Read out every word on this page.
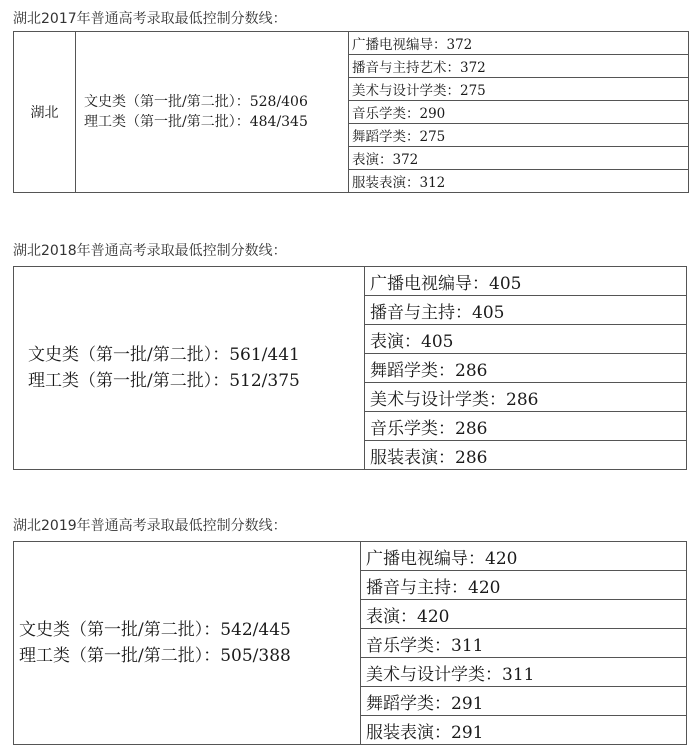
湖北2017年普通高考录取最低控制分数线：
湖北	
文史类（第一批/第二批）：528/406
理工类（第一批/第二批）：484/345
	广播电视编导：372
播音与主持艺术：372
美术与设计学类：275
音乐学类：290
舞蹈学类：275
表演：372
服装表演：312
湖北2018年普通高考录取最低控制分数线：
文史类（第一批/第二批）：561/441
理工类（第一批/第二批）：512/375
	广播电视编导：405
播音与主持：405
表演：405
舞蹈学类：286
美术与设计学类：286
音乐学类：286
服装表演：286
湖北2019年普通高考录取最低控制分数线：
文史类（第一批/第二批）：542/445
理工类（第一批/第二批）：505/388
	广播电视编导：420
播音与主持：420
表演：420
音乐学类：311
美术与设计学类：311
舞蹈学类：291
服装表演：291
